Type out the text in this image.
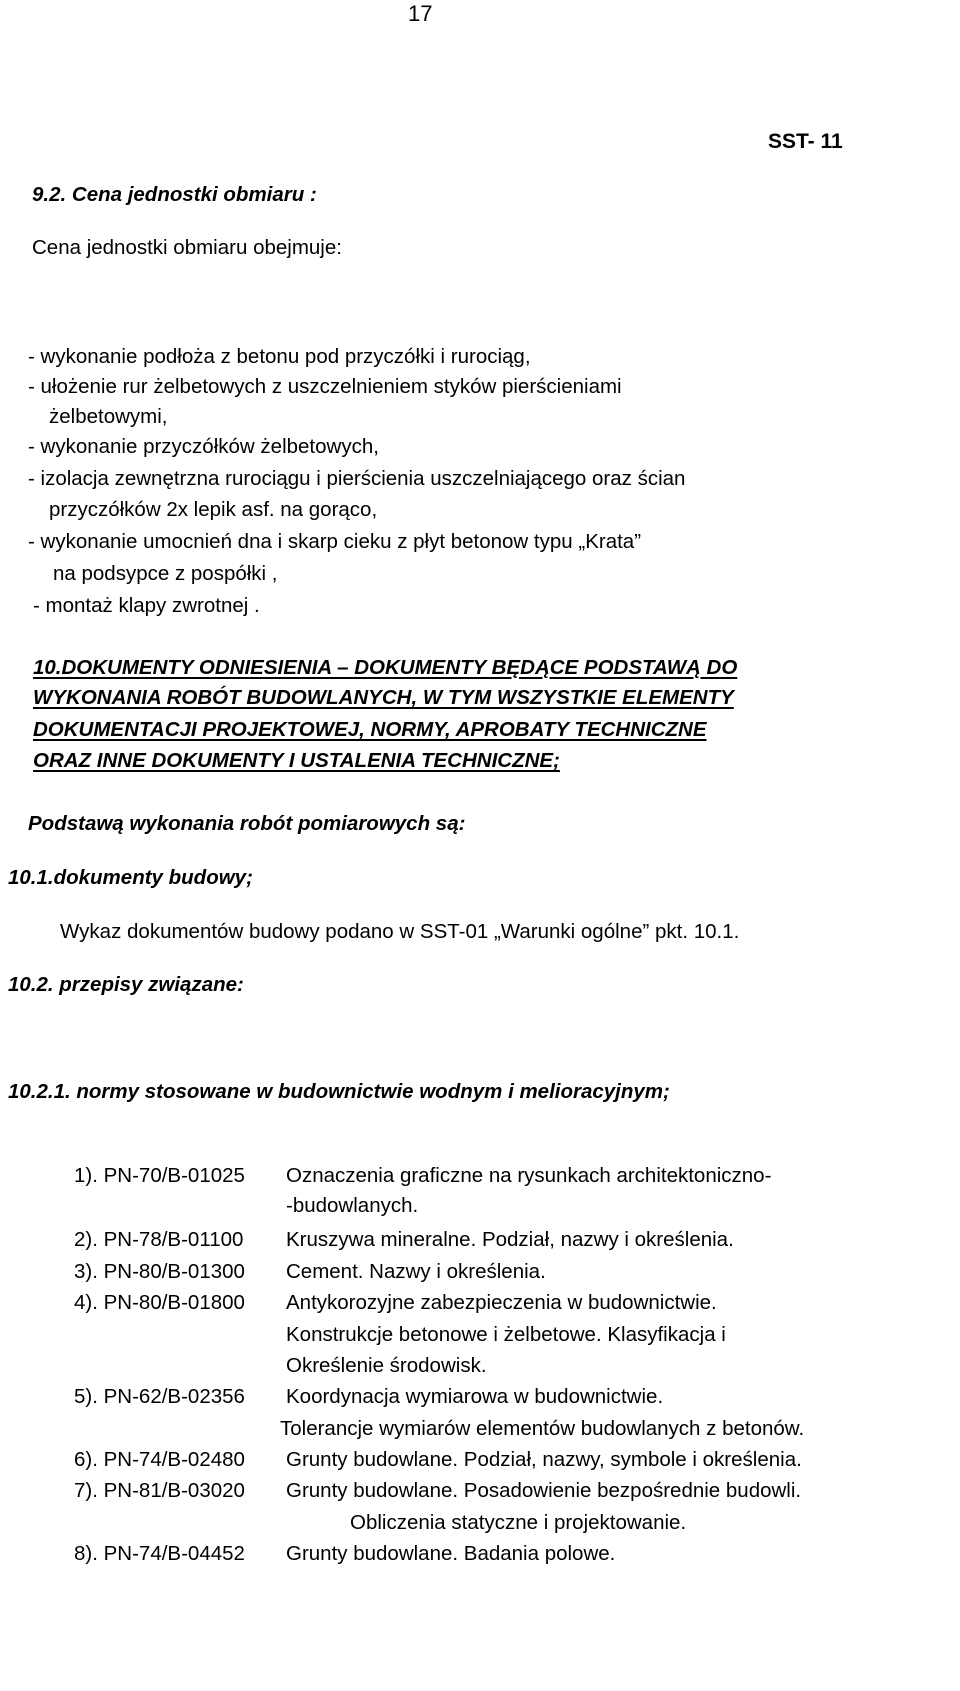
17
SST- 11
9.2. Cena jednostki obmiaru :
Cena jednostki obmiaru obejmuje:
- wykonanie podłoża z betonu pod przyczółki i rurociąg,
- ułożenie rur żelbetowych z uszczelnieniem styków pierścieniami
żelbetowymi,
- wykonanie przyczółków żelbetowych,
- izolacja zewnętrzna rurociągu i pierścienia uszczelniającego oraz ścian
przyczółków 2x lepik asf. na gorąco,
- wykonanie umocnień dna i skarp cieku z płyt betonow typu „Krata”
na podsypce z pospółki ,
- montaż klapy zwrotnej .
10.DOKUMENTY ODNIESIENIA – DOKUMENTY BĘDĄCE PODSTAWĄ DO
WYKONANIA ROBÓT BUDOWLANYCH, W TYM WSZYSTKIE ELEMENTY
DOKUMENTACJI PROJEKTOWEJ, NORMY, APROBATY TECHNICZNE
ORAZ INNE DOKUMENTY I USTALENIA TECHNICZNE;
Podstawą wykonania robót pomiarowych są:
10.1.dokumenty budowy;
Wykaz dokumentów budowy podano w SST-01 „Warunki ogólne” pkt. 10.1.
10.2. przepisy związane:
10.2.1. normy stosowane w budownictwie wodnym i melioracyjnym;
1). PN-70/B-01025 Oznaczenia graficzne na rysunkach architektoniczno-
-budowlanych.
2). PN-78/B-01100 Kruszywa mineralne. Podział, nazwy i określenia.
3). PN-80/B-01300 Cement. Nazwy i określenia.
4). PN-80/B-01800 Antykorozyjne zabezpieczenia w budownictwie.
Konstrukcje betonowe i żelbetowe. Klasyfikacja i
Określenie środowisk.
5). PN-62/B-02356 Koordynacja wymiarowa w budownictwie.
Tolerancje wymiarów elementów budowlanych z betonów.
6). PN-74/B-02480 Grunty budowlane. Podział, nazwy, symbole i określenia.
7). PN-81/B-03020 Grunty budowlane. Posadowienie bezpośrednie budowli.
Obliczenia statyczne i projektowanie.
8). PN-74/B-04452 Grunty budowlane. Badania polowe.
